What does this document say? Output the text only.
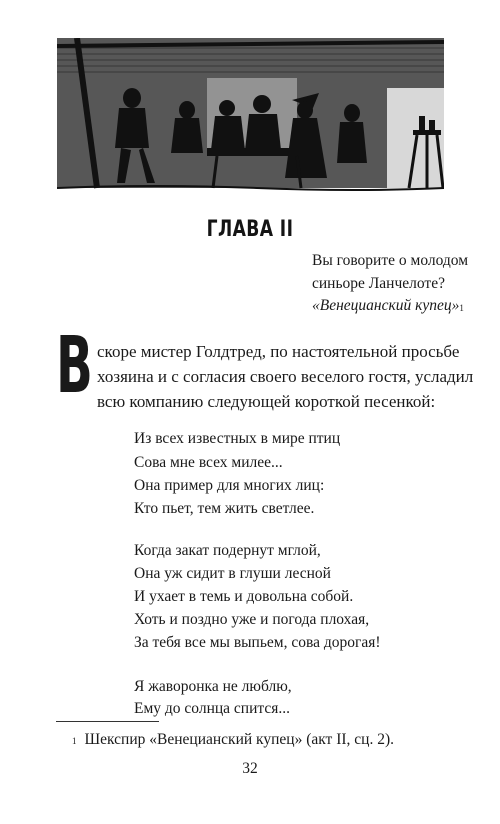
ГЛАВА II
Вы говорите о молодом
синьоре Ланчелоте?
«Венецианский купец»$^1$
В скоре мистер Голдтред, по настоятельной просьбе
хозяина и с согласия своего веселого гостя, усладил
всю компанию следующей короткой песенкой:
Из всех известных в мире птиц
Сова мне всех милее...
Она пример для многих лиц:
Кто пьет, тем жить светлее.
Когда закат подернут мглой,
Она уж сидит в глуши лесной
И ухает в темь и довольна собой.
Хоть и поздно уже и погода плохая,
За тебя все мы выпьем, сова дорогая!
Я жаворонка не люблю,
Ему до солнца спится...
$^1$ Шекспир «Венецианский купец» (акт II, сц. 2).
32
